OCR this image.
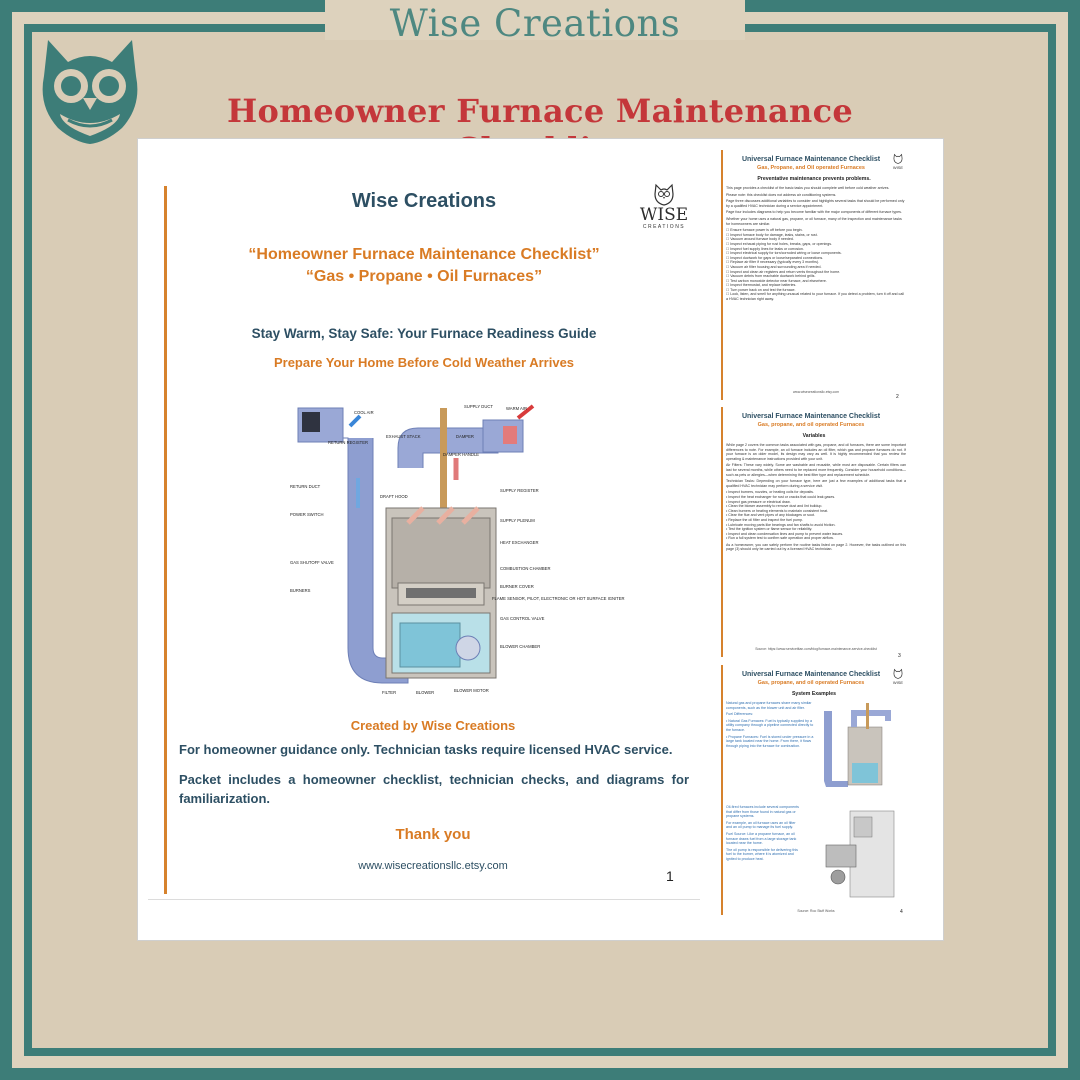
Wise Creations
Homeowner Furnace Maintenance
Wise Creations
WISE
CREATIONS
“Homeowner Furnace Maintenance Checklist”
“Gas • Propane • Oil Furnaces”
Stay Warm, Stay Safe: Your Furnace Readiness Guide
Prepare Your Home Before Cold Weather Arrives
COOL AIR
RETURN REGISTER
EXHAUST STACK
SUPPLY DUCT	WARM AIR
DAMPER
DAMPER HANDLE
RETURN DUCT
DRAFT HOOD
SUPPLY REGISTER
POWER SWITCH
SUPPLY PLENUM
HEAT EXCHANGER
GAS SHUTOFF VALVE
COMBUSTION CHAMBER
BURNERS
BURNER COVER
FLAME SENSOR, PILOT, ELECTRONIC OR HOT SURFACE IGNITER
GAS CONTROL VALVE
BLOWER CHAMBER
FILTER	BLOWER	BLOWER MOTOR
Created by Wise Creations
For homeowner guidance only. Technician tasks require licensed HVAC service.
Packet includes a homeowner checklist, technician checks, and diagrams for familiarization.
Thank you
www.wisecreationsllc.etsy.com
1
Universal Furnace Maintenance Checklist
Gas, Propane, and Oil operated Furnaces	WISE
Preventative maintenance prevents problems.

This page provides a checklist of the basic tasks you should complete well before cold weather arrives.

Please note: this checklist does not address air conditioning systems.

Page three discusses additional variables to consider and highlights several tasks that should be performed only by a qualified HVAC technician during a service appointment.

Page four includes diagrams to help you become familiar with the major components of different furnace types.

Whether your home uses a natural gas, propane, or oil furnace, many of the inspection and maintenance tasks for homeowners are similar.

☐ Ensure furnace power is off before you begin.
☐ Inspect furnace body for damage, leaks, stains, or rust.
☐ Vacuum around furnace body if needed.
☐ Inspect exhaust piping for rust holes, breaks, gaps, or openings.
☐ Inspect fuel supply lines for leaks or corrosion.
☐ Inspect electrical supply for torn/corroded wiring or loose components.
☐ Inspect ductwork for gaps or loose/separated connections.
☐ Replace air filter if necessary (typically every 3 months).
☐ Vacuum air filter housing and surrounding area if needed.
☐ Inspect and clean air registers and return vents throughout the home.
☐ Vacuum debris from reachable ductwork behind grills.
☐ Test carbon monoxide detector near furnace, and elsewhere.
☐ Inspect thermostat, and replace batteries.
☐ Turn power back on and test the furnace.
☐ Look, listen, and smell for anything unusual related to your furnace. If you detect a problem, turn it off and call a HVAC technician right away.
www.wisecreationsllc.etsy.com
2
Universal Furnace Maintenance Checklist
Gas, propane, and oil operated Furnaces
Variables

While page 2 covers the common tasks associated with gas, propane, and oil furnaces, there are some important differences to note. For example, an oil furnace includes an oil filter, which gas and propane furnaces do not. If your furnace is an older model, its design may vary as well. It is highly recommended that you review the operating & maintenance instructions provided with your unit.

Air Filters: These vary widely. Some are washable and reusable, while most are disposable. Certain filters can last for several months, while others need to be replaced more frequently. Consider your household conditions—such as pets or allergies—when determining the best filter type and replacement schedule.

Technician Tasks: Depending on your furnace type, here are just a few examples of additional tasks that a qualified HVAC technician may perform during a service visit.

• Inspect burners, nozzles, or heating coils for deposits.
• Inspect the heat exchanger for rust or cracks that could leak gases.
• Inspect gas pressure or electrical draw.
• Clean the blower assembly to remove dust and lint buildup.
• Clean burners or heating elements to maintain consistent heat.
• Clear the flue and vent pipes of any blockages or soot.
• Replace the oil filter and inspect the fuel pump.
• Lubricate moving parts like bearings and fan shafts to avoid friction.
• Test the ignition system or flame sensor for reliability.
• Inspect and clean condensation lines and pump to prevent water issues.
• Run a full system test to confirm safe operation and proper airflow.

As a homeowner, you can safely perform the routine tasks listed on page 2. However, the tasks outlined on this page (3) should only be carried out by a licensed HVAC technician.

Source: https://www.servicetitan.com/blog/furnace-maintenance-service-checklist
3
Universal Furnace Maintenance Checklist
Gas, propane, and oil operated Furnaces	WISE
System Examples

Natural gas and propane furnaces share many similar components, such as the blower unit and air filter.

Fuel Differences:

• Natural Gas Furnaces: Fuel is typically supplied by a utility company through a pipeline connected directly to the furnace.

• Propane Furnaces: Fuel is stored under pressure in a large tank located near the home. From there, it flows through piping into the furnace for combustion.

Oil-fired furnaces include several components that differ from those found in natural gas or propane systems.

For example, an oil furnace uses an oil filter and an oil pump to manage its fuel supply.

Fuel Source: Like a propane furnace, an oil furnace draws fuel from a large storage tank located near the home.

The oil pump is responsible for delivering this fuel to the burner, where it is atomized and ignited to produce heat.

Source: Roo Stuff Works	4
